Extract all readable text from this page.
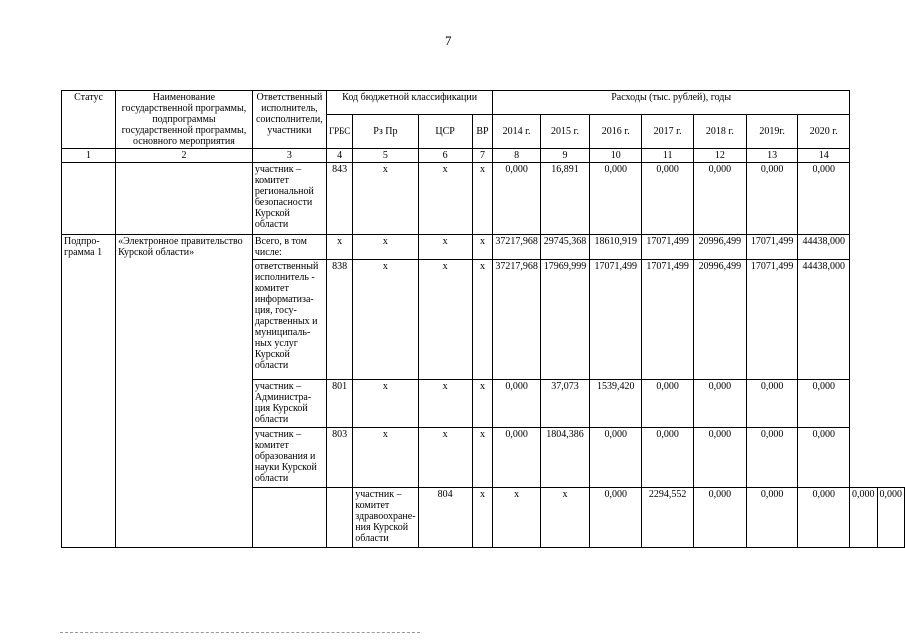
7
Статус	Наименование государственной программы, подпрограммы государственной программы, основного мероприятия	Ответственный исполнитель, соисполнители, участники	Код бюджетной классификации				Расходы (тыс. рублей), годы								
			ГРБС	Рз Пр	ЦСР	ВР	2014 г.	2015 г.	2016 г.	2017 г.	2018 г.	2019г.	2020 г.		
1	2	3	4	5	6	7	8	9	10	11	12	13	14		
		участник – комитет региональной безопасности Курской области	843	х	х	х	0,000	16,891	0,000	0,000	0,000	0,000	0,000		
Подпро-грамма 1	«Электронное правительство Курской области»	Всего, в том числе:	х	х	х	х	37217,968	29745,368	18610,919	17071,499	20996,499	17071,499	44438,000		
		ответственный исполнитель - комитет информатиза-ция, госу-дарственных и муниципаль-ных услуг Курской области	838	х	х	х	37217,968	17969,999	17071,499	17071,499	20996,499	17071,499	44438,000		
		участник – Администра-ция Курской области	801	х	х	х	0,000	37,073	1539,420	0,000	0,000	0,000	0,000		
		участник – комитет образования и науки Курской области	803	х	х	х	0,000	1804,386	0,000	0,000	0,000	0,000	0,000		
				участник – комитет здравоохране-ния Курской области	804	х	х	х	0,000	2294,552	0,000	0,000	0,000	0,000	0,000
